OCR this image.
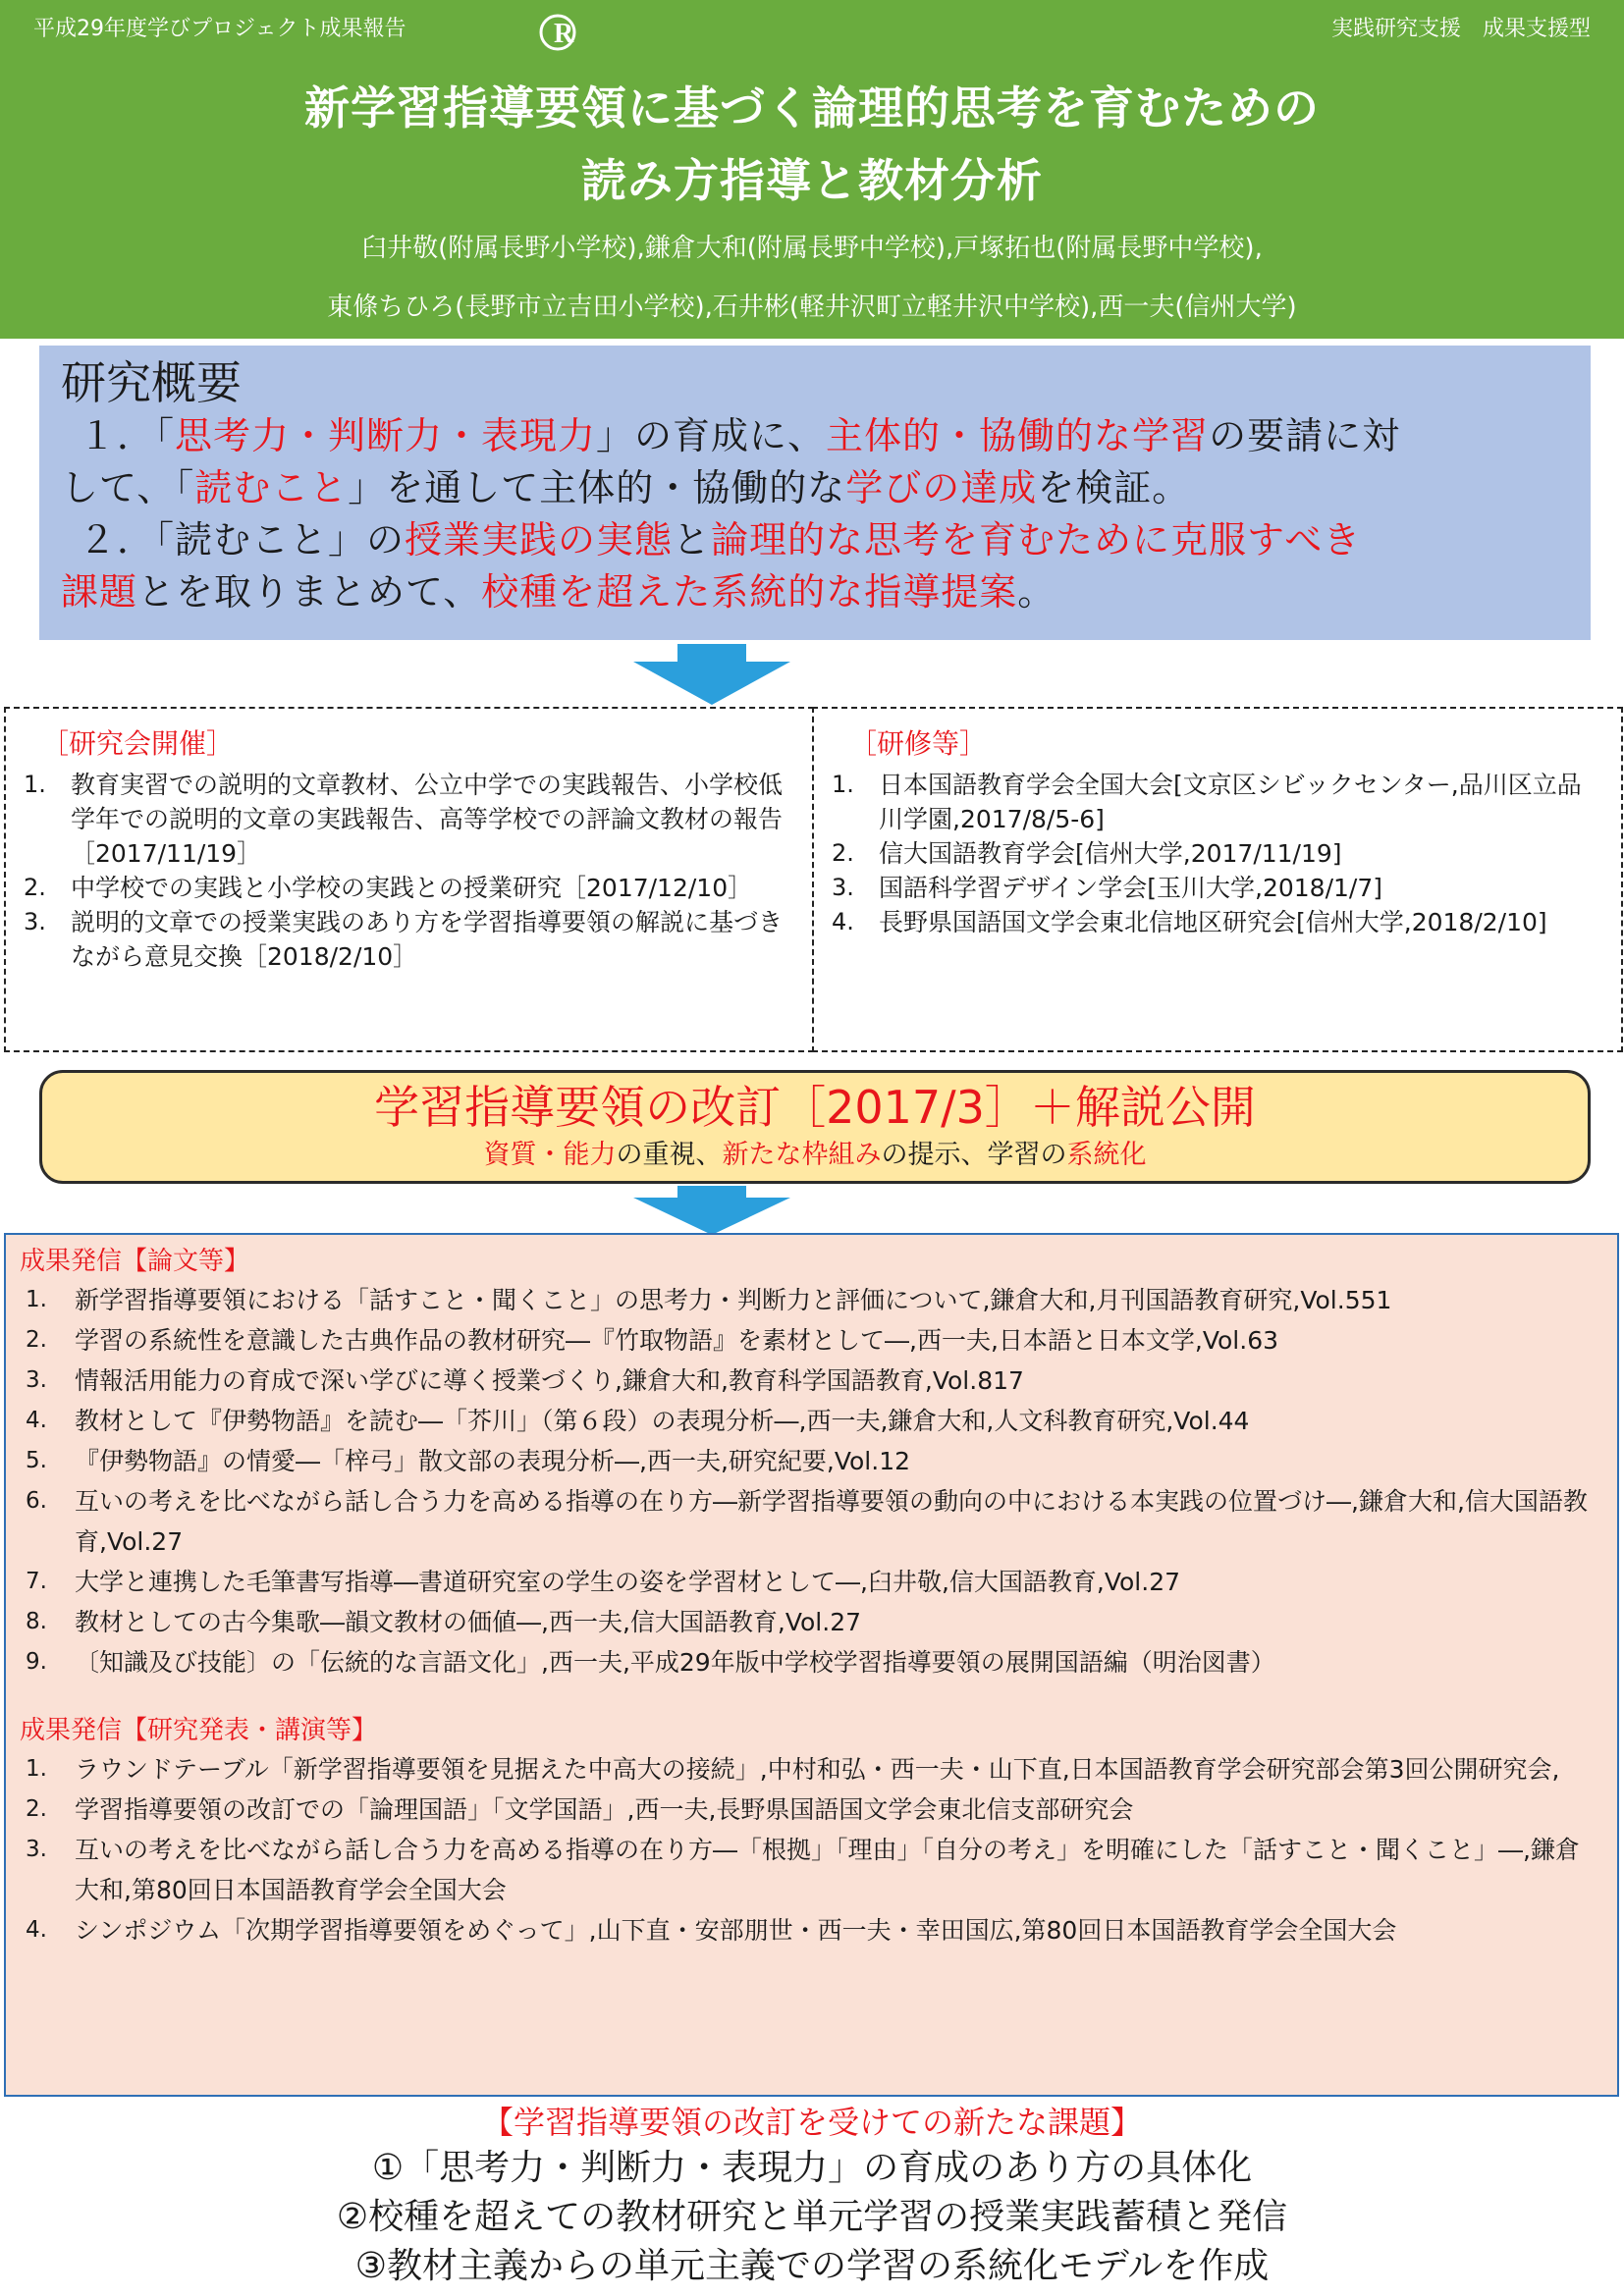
平成29年度学びプロジェクト成果報告	R	実践研究支援　成果支援型
新学習指導要領に基づく論理的思考を育むための
読み方指導と教材分析
臼井敬(附属長野小学校),鎌倉大和(附属長野中学校),戸塚拓也(附属長野中学校),
東條ちひろ(長野市立吉田小学校),石井彬(軽井沢町立軽井沢中学校),西一夫(信州大学)
研究概要

１．「思考力・判断力・表現力」の育成に、主体的・協働的な学習の要請に対

して、「読むこと」を通して主体的・協働的な学びの達成を検証。

２．「読むこと」の授業実践の実態と論理的な思考を育むために克服すべき

課題とを取りまとめて、校種を超えた系統的な指導提案。

［研究会開催］
1. 教育実習での説明的文章教材、公立中学での実践報告、小学校低学年での説明的文章の実践報告、高等学校での評論文教材の報告［2017/11/19］
2. 中学校での実践と小学校の実践との授業研究［2017/12/10］
3. 説明的文章での授業実践のあり方を学習指導要領の解説に基づきながら意見交換［2018/2/10］
［研修等］
1. 日本国語教育学会全国大会[文京区シビックセンター,品川区立品川学園,2017/8/5-6]
2. 信大国語教育学会[信州大学,2017/11/19]
3. 国語科学習デザイン学会[玉川大学,2018/1/7]
4. 長野県国語国文学会東北信地区研究会[信州大学,2018/2/10]
学習指導要領の改訂［2017/3］＋解説公開
資質・能力の重視、新たな枠組みの提示、学習の系統化
成果発信【論文等】
1. 新学習指導要領における「話すこと・聞くこと」の思考力・判断力と評価について,鎌倉大和,月刊国語教育研究,Vol.551
2. 学習の系統性を意識した古典作品の教材研究―『竹取物語』を素材として―,西一夫,日本語と日本文学,Vol.63
3. 情報活用能力の育成で深い学びに導く授業づくり,鎌倉大和,教育科学国語教育,Vol.817
4. 教材として『伊勢物語』を読む―「芥川」（第６段）の表現分析―,西一夫,鎌倉大和,人文科教育研究,Vol.44
5. 『伊勢物語』の情愛―「梓弓」散文部の表現分析―,西一夫,研究紀要,Vol.12
6. 互いの考えを比べながら話し合う力を高める指導の在り方―新学習指導要領の動向の中における本実践の位置づけ―,鎌倉大和,信大国語教育,Vol.27
7. 大学と連携した毛筆書写指導―書道研究室の学生の姿を学習材として―,臼井敬,信大国語教育,Vol.27
8. 教材としての古今集歌―韻文教材の価値―,西一夫,信大国語教育,Vol.27
9. 〔知識及び技能〕の「伝統的な言語文化」,西一夫,平成29年版中学校学習指導要領の展開国語編（明治図書）
成果発信【研究発表・講演等】
1. ラウンドテーブル「新学習指導要領を見据えた中高大の接続」,中村和弘・西一夫・山下直,日本国語教育学会研究部会第3回公開研究会,
2. 学習指導要領の改訂での「論理国語」「文学国語」,西一夫,長野県国語国文学会東北信支部研究会
3. 互いの考えを比べながら話し合う力を高める指導の在り方―「根拠」「理由」「自分の考え」を明確にした「話すこと・聞くこと」―,鎌倉大和,第80回日本国語教育学会全国大会
4. シンポジウム「次期学習指導要領をめぐって」,山下直・安部朋世・西一夫・幸田国広,第80回日本国語教育学会全国大会
【学習指導要領の改訂を受けての新たな課題】
①「思考力・判断力・表現力」の育成のあり方の具体化
②校種を超えての教材研究と単元学習の授業実践蓄積と発信
③教材主義からの単元主義での学習の系統化モデルを作成
